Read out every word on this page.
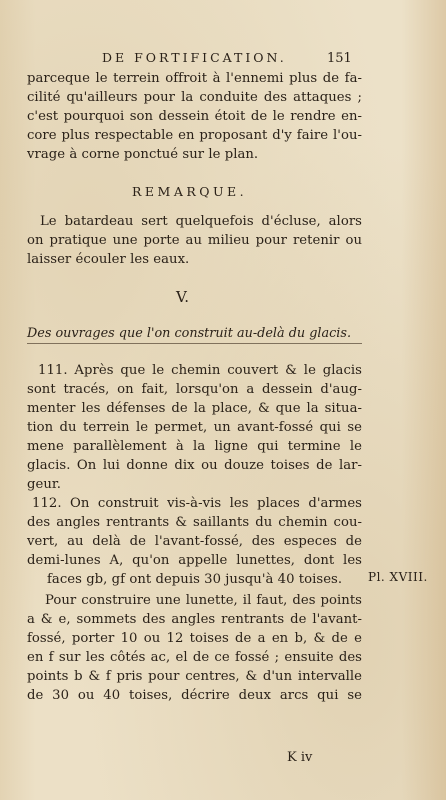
DE FORTIFICATION.	151
parceque le terrein offroit à l'ennemi plus de fa-
cilité qu'ailleurs pour la conduite des attaques ;
c'est pourquoi son dessein étoit de le rendre en-
core plus respectable en proposant d'y faire l'ou-
vrage à corne ponctué sur le plan.
REMARQUE.
Le batardeau sert quelquefois d'écluse, alors
on pratique une porte au milieu pour retenir ou
laisser écouler les eaux.
V.
Des ouvrages que l'on construit au-delà du glacis.
111. Après que le chemin couvert & le glacis
sont tracés, on fait, lorsqu'on a dessein d'aug-
menter les défenses de la place, & que la situa-
tion du terrein le permet, un avant-fossé qui se
mene parallèlement à la ligne qui termine le
glacis. On lui donne dix ou douze toises de lar-
geur.
112. On construit vis-à-vis les places d'armes
des angles rentrants & saillants du chemin cou-
vert, au delà de l'avant-fossé, des especes de
demi-lunes A, qu'on appelle lunettes, dont les
faces gb, gf ont depuis 30 jusqu'à 40 toises.
Pour construire une lunette, il faut, des points
a & e, sommets des angles rentrants de l'avant-
fossé, porter 10 ou 12 toises de a en b, & de e
en f sur les côtés ac, el de ce fossé ; ensuite des
points b & f pris pour centres, & d'un intervalle
de 30 ou 40 toises, décrire deux arcs qui se
Pl. XVIII.
K iv
